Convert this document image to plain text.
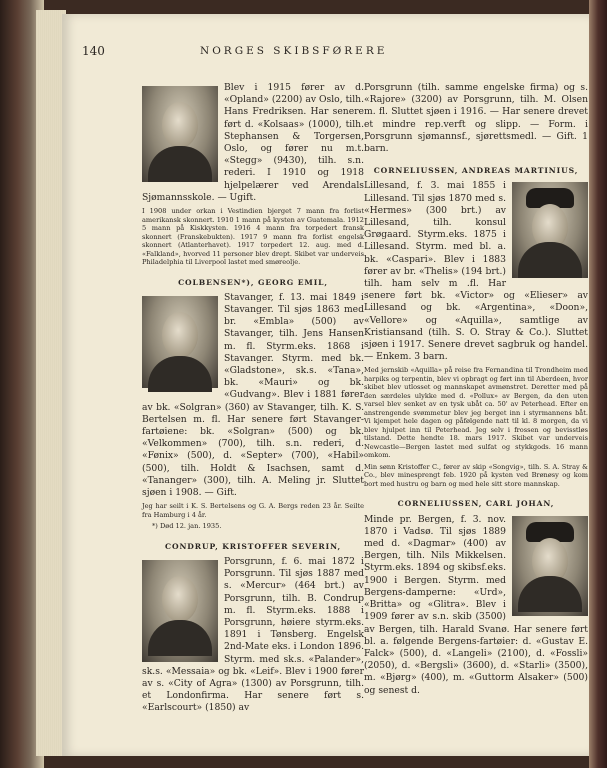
140	NORGES SKIBSFØRERE

Blev i 1915 fører av d. «Opland» (2200) av Oslo, tilh. Hans Fredriksen. Har senere ført d. «Kolsaas» (1000), tilh. Stephansen & Torgersen, Oslo, og fører nu m.t. «Stegg» (9430), tilh. s.n. rederi. I 1910 og 1918 hjelpelærer ved Arendals Sjømannsskole. — Ugift.

I 1908 under orkan i Vestindien bjerget 7 mann fra forlist amerikansk skonnert. 1910 1 mann på kysten av Guatemala. 1912 5 mann på Kiskkysten. 1916 4 mann fra torpedert fransk skonnert (Franskebukten). 1917 9 mann fra forlist engelsk skonnert (Atlanterhavet). 1917 torpedert 12. aug. med d. «Falkland», hvorved 11 personer blev drept. Skibet var underveis Philadelphia til Liverpool lastet med smøreolje.

COLBENSEN*), GEORG EMIL,

Stavanger, f. 13. mai 1849 i Stavanger. Til sjøs 1863 med br. «Embla» (500) av Stavanger, tilh. Jens Hansen m. fl. Styrm.eks. 1868 i Stavanger. Styrm. med bk. «Gladstone», sk.s. «Tana», bk. «Mauri» og bk. «Gudvang». Blev i 1881 fører av bk. «Solgran» (360) av Stavanger, tilh. K. S. Bertelsen m. fl. Har senere ført Stavanger-fartøiene: bk. «Solgran» (500) og bk. «Velkommen» (700), tilh. s.n. rederi, d. «Fønix» (500), d. «Septer» (700), «Habil» (500), tilh. Holdt & Isachsen, samt d. «Tananger» (300), tilh. A. Meling jr. Sluttet sjøen i 1908. — Gift.

Jeg har seilt i K. S. Bertelsens og G. A. Bergs reden 23 år. Seilte fra Hamburg i 4 år.

*) Død 12. jan. 1935.

CONDRUP, KRISTOFFER SEVERIN,

Porsgrunn, f. 6. mai 1872 i Porsgrunn. Til sjøs 1887 med s. «Mercur» (464 brt.) av Porsgrunn, tilh. B. Condrup m. fl. Styrm.eks. 1888 i Porsgrunn, høiere styrm.eks. 1891 i Tønsberg. Engelsk 2nd-Mate eks. i London 1896. Styrm. med sk.s. «Palander», sk.s. «Messaia» og bk. «Leif». Blev i 1900 fører av s. «City of Agra» (1300) av Porsgrunn, tilh. et Londonfirma. Har senere ført s. «Earlscourt» (1850) av

Porsgrunn (tilh. samme engelske firma) og s. «Rajore» (3200) av Porsgrunn, tilh. M. Olsen m. fl. Sluttet sjøen i 1916. — Har senere drevet et mindre rep.verft og slipp. — Form. i Porsgrunn sjømannsf., sjørettsmedl. — Gift. 1 barn.

CORNELIUSSEN, ANDREAS MARTINIUS,

Lillesand, f. 3. mai 1855 i Lillesand. Til sjøs 1870 med s. «Hermes» (300 brt.) av Lillesand, tilh. konsul Grøgaard. Styrm.eks. 1875 i Lillesand. Styrm. med bl. a. bk. «Caspari». Blev i 1883 fører av br. «Thelis» (194 brt.) tilh. ham selv m .fl. Har senere ført bk. «Victor» og «Elieser» av Lillesand og bk. «Argentina», «Doon», «Vellore» og «Aquilla», samtlige av Kristiansand (tilh. S. O. Stray & Co.). Sluttet sjøen i 1917. Senere drevet sagbruk og handel. — Enkem. 3 barn.

Med jernskib «Aquilla» på reise fra Fernandina til Trondheim med harpiks og terpentin, blev vi opbragt og ført inn til Aberdeen, hvor skibet blev utlosset og mannskapet avmønstret. Deretter med på den særdeles ulykke med d. «Pollux» av Bergen, da den uten varsel blev senket av en tysk ubåt ca. 50' av Peterhead. Efter en anstrengende svømmetur blev jeg berget inn i styrmannens båt. Vi kjempet hele dagen og påfølgende natt til kl. 8 morgen, da vi blev hjulpet inn til Peterhead. Jeg selv i frossen og bevisstløs tilstand. Dette hendte 18. mars 1917. Skibet var underveis Newcastle—Bergen lastet med sulfat og stykkgods. 16 mann omkom.

Min sønn Kristoffer C., fører av skip «Songvig», tilh. S. A. Stray & Co., blev minesprengt feb. 1920 på kysten ved Brønøsy og kom bort med hustru og barn og med hele sitt store mannskap.

CORNELIUSSEN, CARL JOHAN,

Minde pr. Bergen, f. 3. nov. 1870 i Vadsø. Til sjøs 1889 med d. «Dagmar» (400) av Bergen, tilh. Nils Mikkelsen. Styrm.eks. 1894 og skibsf.eks. 1900 i Bergen. Styrm. med Bergens-damperne: «Urd», «Britta» og «Glitra». Blev i 1909 fører av s.n. skib (3500) av Bergen, tilh. Harald Svanø. Har senere ført bl. a. følgende Bergens-fartøier: d. «Gustav E. Falck» (500), d. «Langeli» (2100), d. «Fossli» (2050), d. «Bergsli» (3600), d. «Starli» (3500), m. «Bjørg» (400), m. «Guttorm Alsaker» (500) og senest d.
